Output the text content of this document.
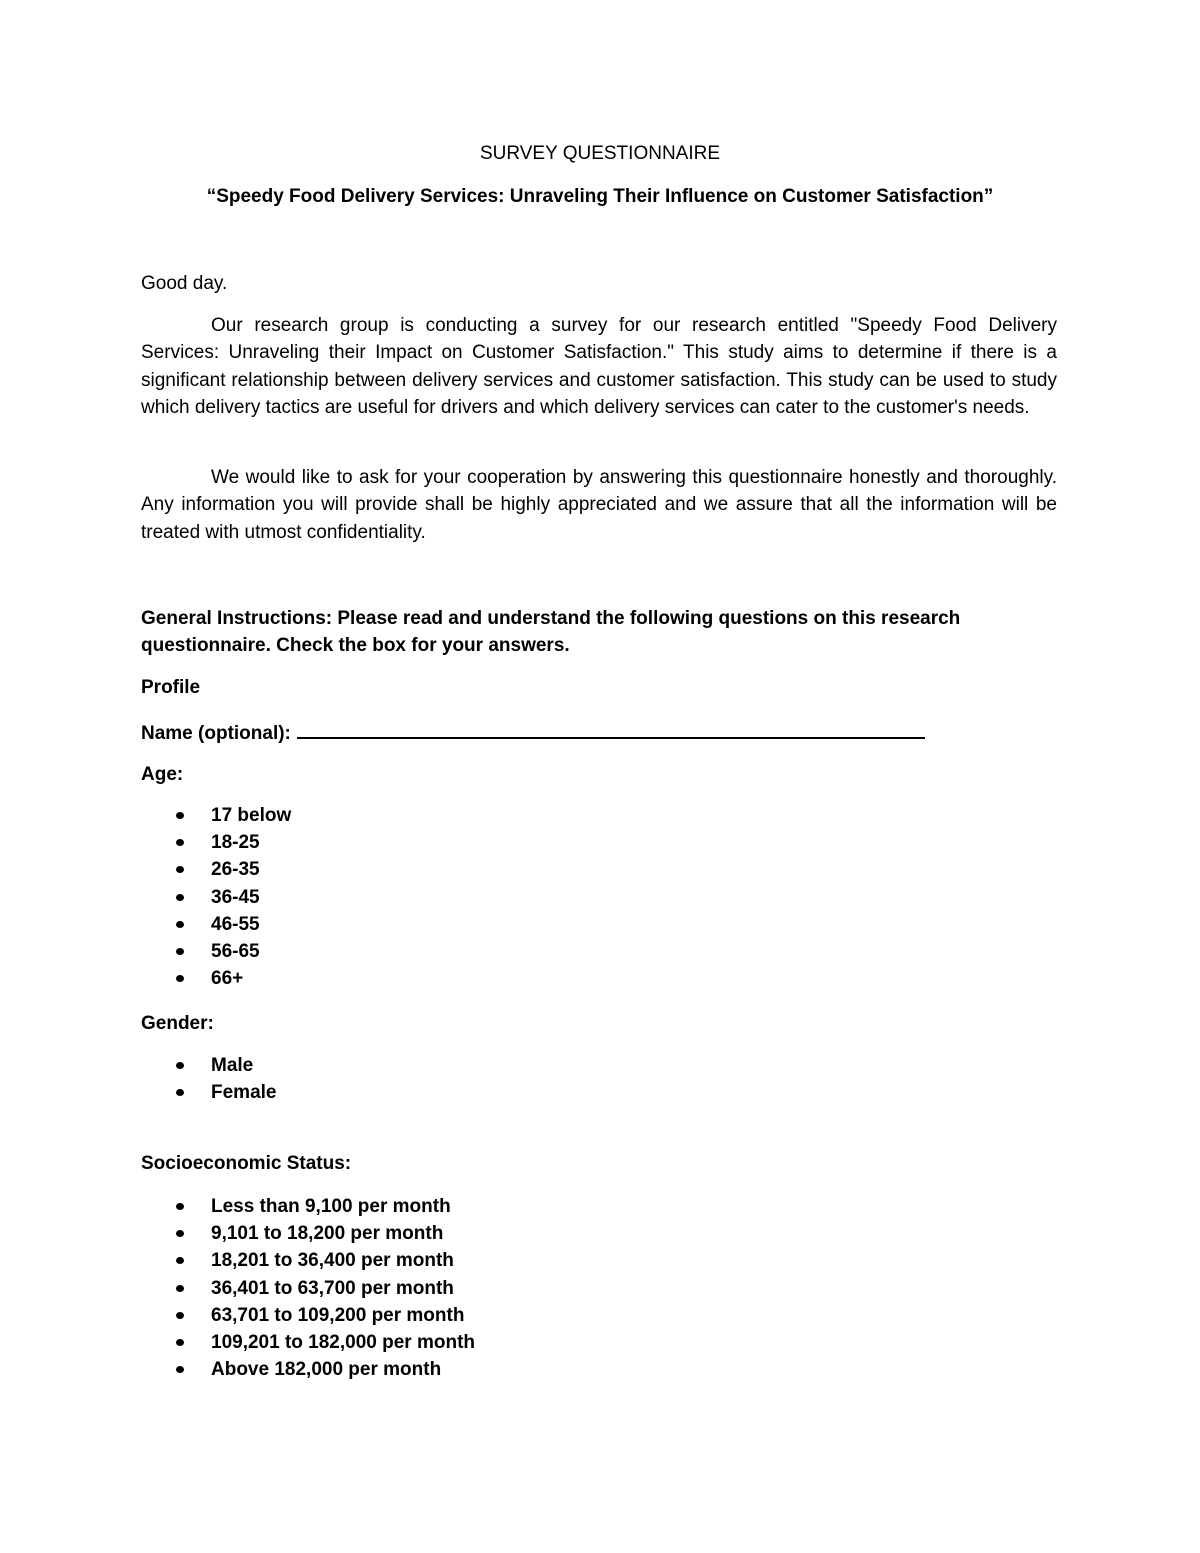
SURVEY QUESTIONNAIRE

“Speedy Food Delivery Services: Unraveling Their Influence on Customer Satisfaction”

Good day.

Our research group is conducting a survey for our research entitled "Speedy Food Delivery Services: Unraveling their Impact on Customer Satisfaction." This study aims to determine if there is a significant relationship between delivery services and customer satisfaction. This study can be used to study which delivery tactics are useful for drivers and which delivery services can cater to the customer's needs.

We would like to ask for your cooperation by answering this questionnaire honestly and thoroughly. Any information you will provide shall be highly appreciated and we assure that all the information will be treated with utmost confidentiality.

General Instructions: Please read and understand the following questions on this research questionnaire. Check the box for your answers.

Profile

Name (optional):

Age:

17 below
18-25
26-35
36-45
46-55
56-65
66+

Gender:

Male
Female

Socioeconomic Status:

Less than 9,100 per month
9,101 to 18,200 per month
18,201 to 36,400 per month
36,401 to 63,700 per month
63,701 to 109,200 per month
109,201 to 182,000 per month
Above 182,000 per month
